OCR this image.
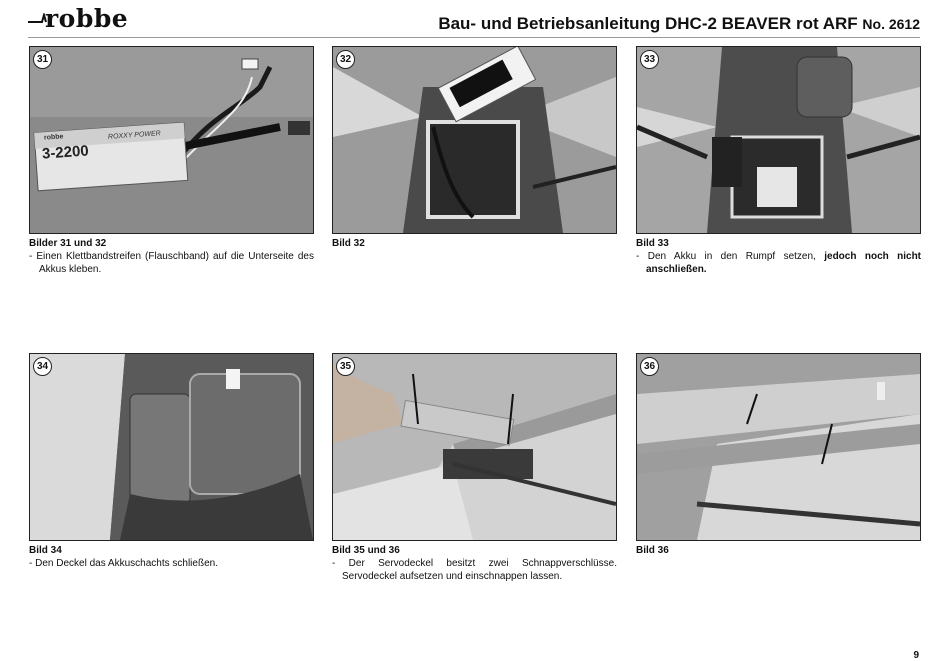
robbe	Bau- und Betriebsanleitung DHC-2 BEAVER rot ARF No. 2612
robbe	ROXXY POWER
3-2200
31
Bilder 31 und 32
- Einen Klettbandstreifen (Flauschband) auf die Unterseite des Akkus kleben.
32
Bild 32
33
Bild 33
- Den Akku in den Rumpf setzen, jedoch noch nicht anschließen.
34
Bild 34
- Den Deckel das Akkuschachts schließen.
35
Bild 35 und 36
- Der Servodeckel besitzt zwei Schnappverschlüsse. Servodeckel aufsetzen und einschnappen lassen.
36
Bild 36
9
